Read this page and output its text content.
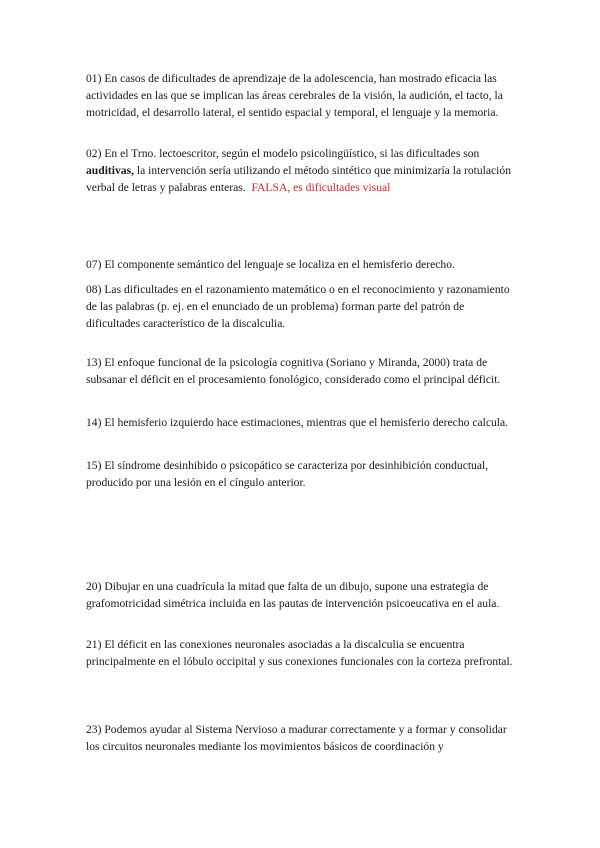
01) En casos de dificultades de aprendizaje de la adolescencia, han mostrado eficacia las actividades en las que se implican las áreas cerebrales de la visión, la audición, el tacto, la motricidad, el desarrollo lateral, el sentido espacial y temporal, el lenguaje y la memoria.

02) En el Trno. lectoescritor, según el modelo psicolingüístico, si las dificultades son auditivas, la intervención sería utilizando el método sintético que minimizaría la rotulación verbal de letras y palabras enteras. FALSA, es dificultades visual

07) El componente semántico del lenguaje se localiza en el hemisferio derecho.

08) Las dificultades en el razonamiento matemático o en el reconocimiento y razonamiento de las palabras (p. ej. en el enunciado de un problema) forman parte del patrón de dificultades característico de la discalculia.

13) El enfoque funcional de la psicología cognitiva (Soriano y Miranda, 2000) trata de subsanar el déficit en el procesamiento fonológico, considerado como el principal déficit.

14) El hemisferio izquierdo hace estimaciones, mientras que el hemisferio derecho calcula.

15) El síndrome desinhibido o psicopático se caracteriza por desinhibición conductual, producido por una lesión en el cíngulo anterior.

20) Dibujar en una cuadrícula la mitad que falta de un dibujo, supone una estrategia de grafomotricidad simétrica incluida en las pautas de intervención psicoeucativa en el aula.

21) El déficit en las conexiones neuronales asociadas a la discalculia se encuentra principalmente en el lóbulo occipital y sus conexiones funcionales con la corteza prefrontal.

23) Podemos ayudar al Sistema Nervioso a madurar correctamente y a formar y consolidar los circuitos neuronales mediante los movimientos básicos de coordinación y
